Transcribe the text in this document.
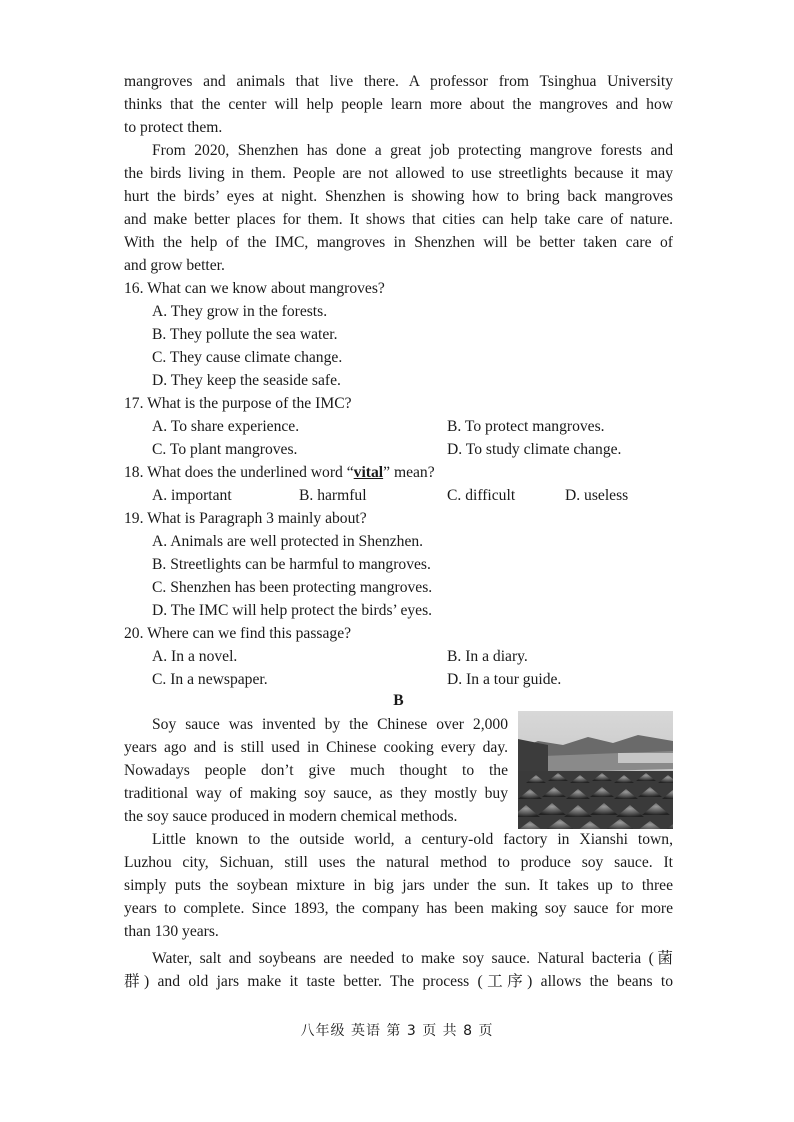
mangroves and animals that live there. A professor from Tsinghua University
thinks that the center will help people learn more about the mangroves and how
to protect them.
From 2020, Shenzhen has done a great job protecting mangrove forests and
the birds living in them. People are not allowed to use streetlights because it may
hurt the birds’ eyes at night. Shenzhen is showing how to bring back mangroves
and make better places for them. It shows that cities can help take care of nature.
With the help of the IMC, mangroves in Shenzhen will be better taken care of
and grow better.
16. What can we know about mangroves?
A. They grow in the forests.
B. They pollute the sea water.
C. They cause climate change.
D. They keep the seaside safe.
17. What is the purpose of the IMC?
A. To share experience.	B. To protect mangroves.
C. To plant mangroves.	D. To study climate change.
18. What does the underlined word “vital” mean?
A. important	B. harmful	C. difficult	D. useless
19. What is Paragraph 3 mainly about?
A. Animals are well protected in Shenzhen.
B. Streetlights can be harmful to mangroves.
C. Shenzhen has been protecting mangroves.
D. The IMC will help protect the birds’ eyes.
20. Where can we find this passage?
A. In a novel.	B. In a diary.
C. In a newspaper.	D. In a tour guide.
B
Soy sauce was invented by the Chinese over 2,000
years ago and is still used in Chinese cooking every day.
Nowadays people don’t give much thought to the
traditional way of making soy sauce, as they mostly buy
the soy sauce produced in modern chemical methods.
Little known to the outside world, a century-old factory in Xianshi town,
Luzhou city, Sichuan, still uses the natural method to produce soy sauce. It
simply puts the soybean mixture in big jars under the sun. It takes up to three
years to complete. Since 1893, the company has been making soy sauce for more
than 130 years.
Water, salt and soybeans are needed to make soy sauce. Natural bacteria (菌
群) and old jars make it taste better. The process (工序) allows the beans to
八年级 英语 第 3 页 共 8 页
